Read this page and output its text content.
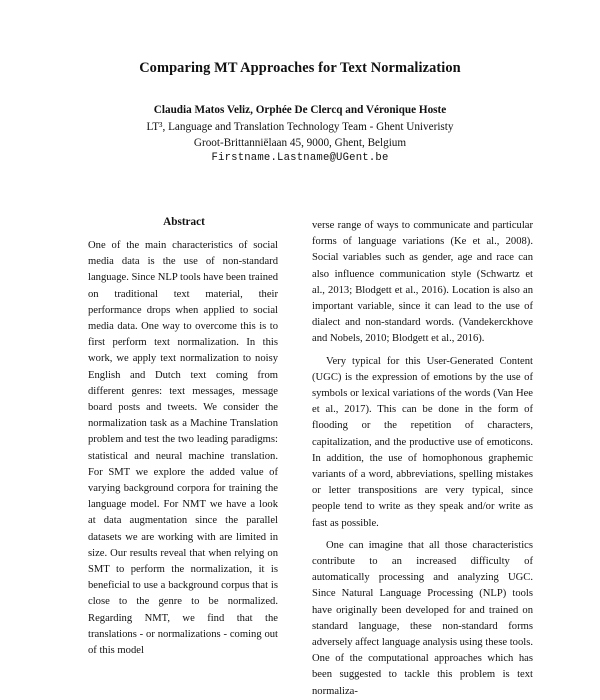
Comparing MT Approaches for Text Normalization
Claudia Matos Veliz, Orphée De Clercq and Véronique Hoste
LT³, Language and Translation Technology Team - Ghent Univeristy
Groot-Brittanniëlaan 45, 9000, Ghent, Belgium
Firstname.Lastname@UGent.be
Abstract

One of the main characteristics of social media data is the use of non-standard language. Since NLP tools have been trained on traditional text material, their performance drops when applied to social media data. One way to overcome this is to first perform text normalization. In this work, we apply text normalization to noisy English and Dutch text coming from different genres: text messages, message board posts and tweets. We consider the normalization task as a Machine Translation problem and test the two leading paradigms: statistical and neural machine translation. For SMT we explore the added value of varying background corpora for training the language model. For NMT we have a look at data augmentation since the parallel datasets we are working with are limited in size. Our results reveal that when relying on SMT to perform the normalization, it is beneficial to use a background corpus that is close to the genre to be normalized. Regarding NMT, we find that the translations - or normalizations - coming out of this model

verse range of ways to communicate and particular forms of language variations (Ke et al., 2008). Social variables such as gender, age and race can also influence communication style (Schwartz et al., 2013; Blodgett et al., 2016). Location is also an important variable, since it can lead to the use of dialect and non-standard words. (Vandekerckhove and Nobels, 2010; Blodgett et al., 2016).

Very typical for this User-Generated Content (UGC) is the expression of emotions by the use of symbols or lexical variations of the words (Van Hee et al., 2017). This can be done in the form of flooding or the repetition of characters, capitalization, and the productive use of emoticons. In addition, the use of homophonous graphemic variants of a word, abbreviations, spelling mistakes or letter transpositions are very typical, since people tend to write as they speak and/or write as fast as possible.

One can imagine that all those characteristics contribute to an increased difficulty of automatically processing and analyzing UGC. Since Natural Language Processing (NLP) tools have originally been developed for and trained on standard language, these non-standard forms adversely affect language analysis using these tools. One of the computational approaches which has been suggested to tackle this problem is text normaliza-
